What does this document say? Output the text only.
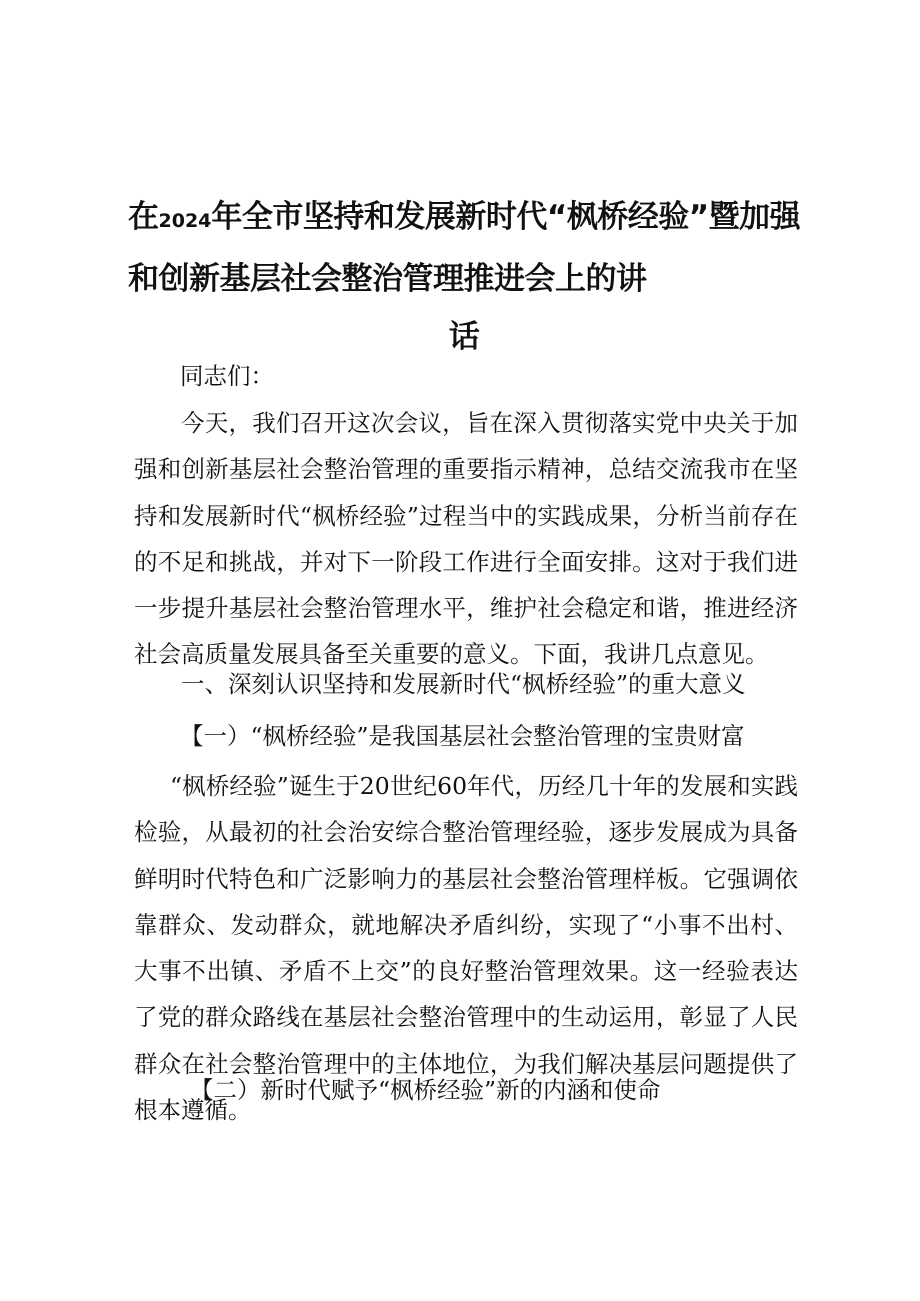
在2024年全市坚持和发展新时代“枫桥经验”暨加强
和创新基层社会整治管理推进会上的讲
话
同志们：
今天，我们召开这次会议，旨在深入贯彻落实党中央关于加强和创新基层社会整治管理的重要指示精神，总结交流我市在坚持和发展新时代“枫桥经验”过程当中的实践成果，分析当前存在的不足和挑战，并对下一阶段工作进行全面安排。这对于我们进一步提升基层社会整治管理水平，维护社会稳定和谐，推进经济社会高质量发展具备至关重要的意义。下面，我讲几点意见。
一、深刻认识坚持和发展新时代“枫桥经验”的重大意义
【一）“枫桥经验”是我国基层社会整治管理的宝贵财富
“枫桥经验”诞生于20世纪60年代，历经几十年的发展和实践检验，从最初的社会治安综合整治管理经验，逐步发展成为具备鲜明时代特色和广泛影响力的基层社会整治管理样板。它强调依靠群众、发动群众，就地解决矛盾纠纷，实现了“小事不出村、大事不出镇、矛盾不上交”的良好整治管理效果。这一经验表达了党的群众路线在基层社会整治管理中的生动运用，彰显了人民群众在社会整治管理中的主体地位，为我们解决基层问题提供了根本遵循。
【二）新时代赋予“枫桥经验”新的内涵和使命
